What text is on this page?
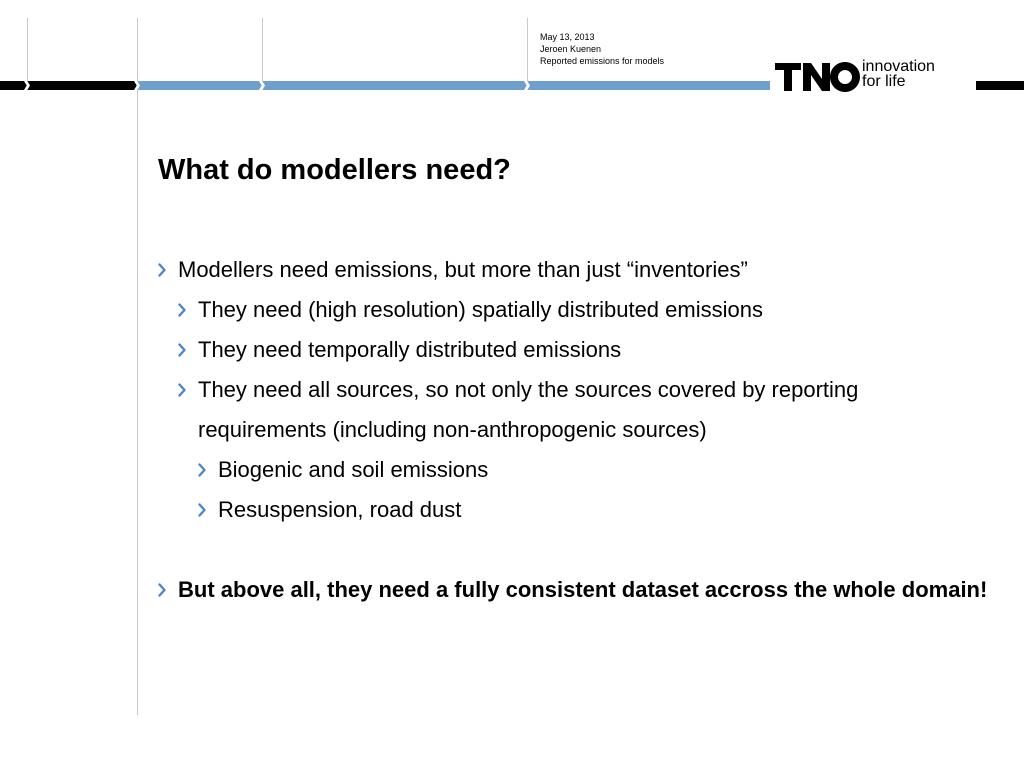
May 13, 2013
Jeroen Kuenen
Reported emissions for models	innovation
for life
What do modellers need?
Modellers need emissions, but more than just “inventories”
They need (high resolution) spatially distributed emissions
They need temporally distributed emissions
They need all sources, so not only the sources covered by reporting requirements (including non-anthropogenic sources)
Biogenic and soil emissions
Resuspension, road dust
But above all, they need a fully consistent dataset accross the whole domain!
